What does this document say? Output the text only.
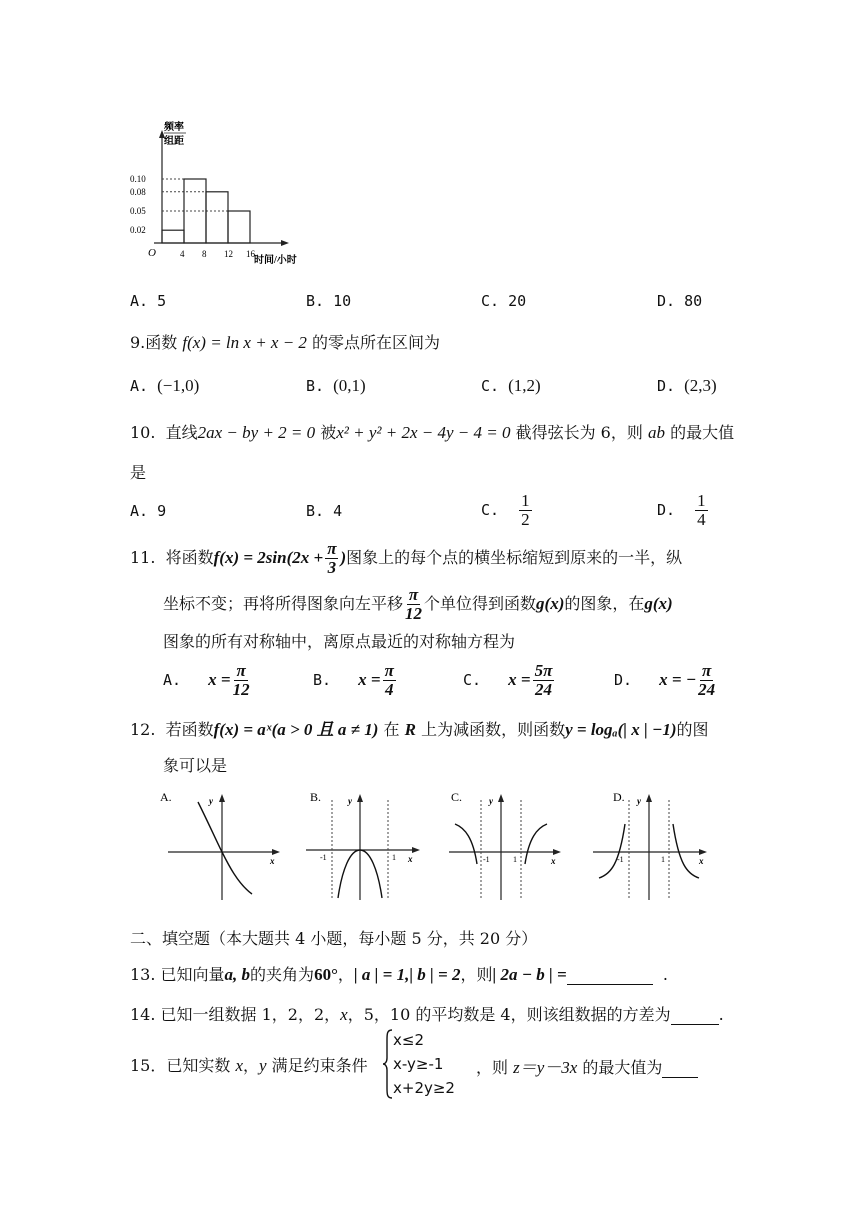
频率
组距
0.10
0.08
0.05
0.02
4 8 12 16
O
时间/小时
A. 5	B. 10	C. 20	D. 80
9.函数 f(x) = ln x + x − 2 的零点所在区间为
A. (−1,0)	B. (0,1)	C. (1,2)	D. (2,3)
10. 直线2ax − by + 2 = 0 被x² + y² + 2x − 4y − 4 = 0 截得弦长为 6，则 ab 的最大值
是
A. 9	B. 4	C. $\frac{1}{2}$	D. $\frac{1}{4}$
11. 将函数$f(x) = 2\sin(2x + \frac{\pi}{3}$ )图象上的每个点的横坐标缩短到原来的一半，纵
坐标不变；再将所得图象向左平移 $\frac{\pi}{12}$ 个单位得到函数g(x)的图象，在g(x)
图象的所有对称轴中，离原点最近的对称轴方程为
A. $x = \frac{\pi}{12}$	B. $x = \frac{\pi}{4}$	C. $x = \frac{5\pi}{24}$	D. x = − $\frac{\pi}{24}$
12. 若函数f(x) = aˣ(a > 0 且 a ≠ 1) 在 R 上为减函数，则函数y = logₐ(| x | −1)的图
象可以是
A.	y
x
B.	y
x
-1	1
C.	y
x
-1	1
D. y
x
-1	1
二、填空题（本大题共 4 小题，每小题 5 分，共 20 分）
13. 已知向量a, b的夹角为60°，| a | = 1,| b | = 2，则| 2a − b | =	.
14. 已知一组数据 1，2，2，x，5，10 的平均数是 4，则该组数据的方差为	.
15．已知实数 x，y 满足约束条件
x≤2
x-y≥-1
x+2y≥2
，则 z＝y－3x 的最大值为
